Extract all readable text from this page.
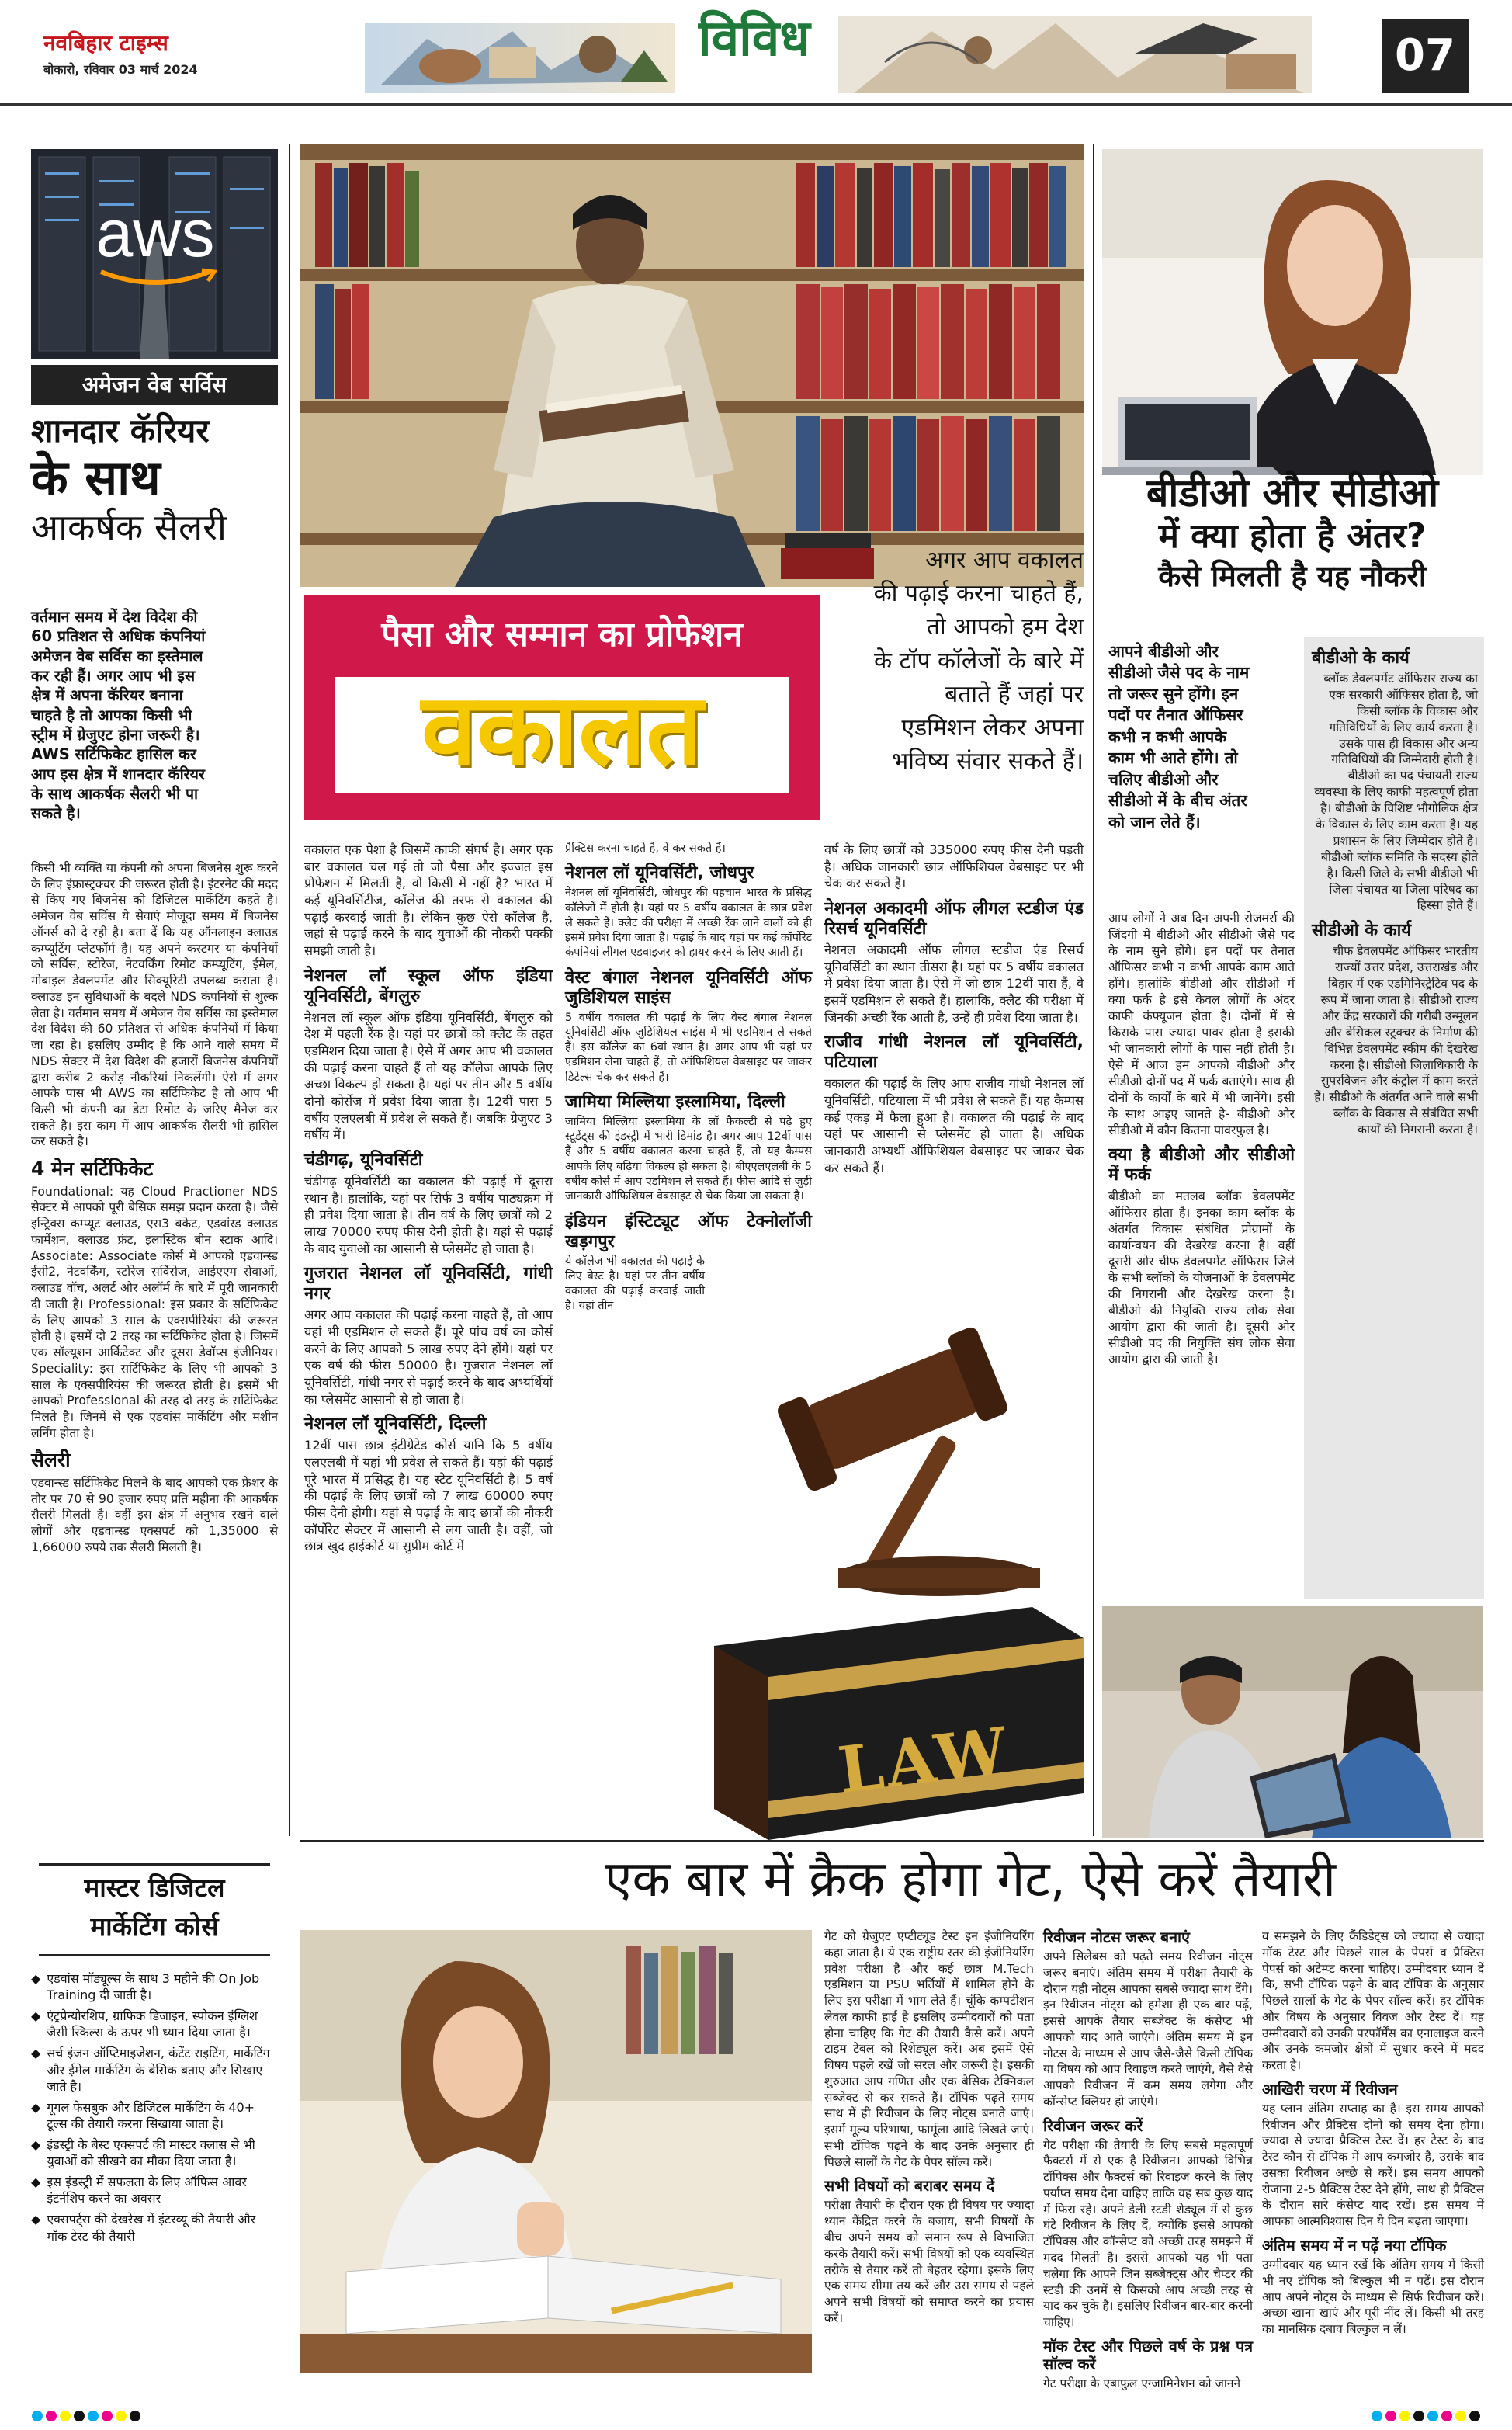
नवबिहार टाइम्स
बोकारो, रविवार 03 मार्च 2024
विविध	07
aws
अमेजन वेब सर्विस
शानदार कॅरियर
के साथ
आकर्षक सैलरी
वर्तमान समय में देश विदेश की
60 प्रतिशत से अधिक कंपनियां
अमेजन वेब सर्विस का इस्तेमाल
कर रही हैं। अगर आप भी इस
क्षेत्र में अपना कॅरियर बनाना
चाहते है तो आपका किसी भी
स्ट्रीम में ग्रेजुएट होना जरूरी है।
AWS सर्टिफिकेट हासिल कर
आप इस क्षेत्र में शानदार कॅरियर
के साथ आकर्षक सैलरी भी पा
सकते है।

किसी भी व्यक्ति या कंपनी को अपना बिजनेस शुरू करने के लिए इंफ्रास्ट्रक्चर की जरूरत होती है। इंटरनेट की मदद से किए गए बिजनेस को डिजिटल मार्केटिंग कहते है। अमेजन वेब सर्विस ये सेवाएं मौजूदा समय में बिजनेस ऑनर्स को दे रही है। बता दें कि यह ऑनलाइन क्लाउड कम्प्यूटिंग प्लेटफॉर्म है। यह अपने कस्टमर या कंपनियों को सर्विस, स्टोरेज, नेटवर्किंग रिमोट कम्प्यूटिंग, ईमेल, मोबाइल डेवलपमेंट और सिक्यूरिटी उपलब्ध कराता है। क्लाउड इन सुविधाओं के बदले NDS कंपनियों से शुल्क लेता है। वर्तमान समय में अमेजन वेब सर्विस का इस्तेमाल देश विदेश की 60 प्रतिशत से अधिक कंपनियों में किया जा रहा है। इसलिए उम्मीद है कि आने वाले समय में NDS सेक्टर में देश विदेश की हजारों बिजनेस कंपनियों द्वारा करीब 2 करोड़ नौकरियां निकलेंगी। ऐसे में अगर आपके पास भी AWS का सर्टिफिकेट है तो आप भी किसी भी कंपनी का डेटा रिमोट के जरिए मैनेज कर सकते है। इस काम में आप आकर्षक सैलरी भी हासिल कर सकते है।

4 मेन सर्टिफिकेट

Foundational: यह Cloud Practioner NDS सेक्टर में आपको पूरी बेसिक समझ प्रदान करता है। जैसे इन्ट्रिक्स कम्प्यूट क्लाउड, एस3 बकेट, एडवांस्ड क्लाउड फार्मेशन, क्लाउड फ्रंट, इलास्टिक बीन स्टाक आदि। Associate: Associate कोर्स में आपको एडवान्स्ड ईसी2, नेटवर्किंग, स्टोरेज सर्विसेज, आईएएम सेवाओं, क्लाउड वॉच, अलर्ट और अलॉर्म के बारे में पूरी जानकारी दी जाती है। Professional: इस प्रकार के सर्टिफिकेट के लिए आपको 3 साल के एक्सपीरियंस की जरूरत होती है। इसमें दो 2 तरह का सर्टिफिकेट होता है। जिसमें एक सॉल्यूशन आर्किटेक्ट और दूसरा डेवॉप्स इंजीनियर। Speciality: इस सर्टिफिकेट के लिए भी आपको 3 साल के एक्सपीरियंस की जरूरत होती है। इसमें भी आपको Professional की तरह दो तरह के सर्टिफिकेट मिलते है। जिनमें से एक एडवांस मार्केटिंग और मशीन लर्निंग होता है।

सैलरी

एडवान्स्ड सर्टिफिकेट मिलने के बाद आपको एक फ्रेशर के तौर पर 70 से 90 हजार रुपए प्रति महीना की आकर्षक सैलरी मिलती है। वहीं इस क्षेत्र में अनुभव रखने वाले लोगों और एडवान्स्ड एक्सपर्ट को 1,35000 से 1,66000 रुपये तक सैलरी मिलती है।

मास्टर डिजिटल
मार्केटिंग कोर्स
◆ एडवांस मॉड्यूल्स के साथ 3 महीने की On Job Training दी जाती है।
◆ एंट्रप्रेन्योरशिप, ग्राफिक डिजाइन, स्पोकन इंग्लिश जैसी स्किल्स के ऊपर भी ध्यान दिया जाता है।
◆ सर्च इंजन ऑप्टिमाइजेशन, कंटेंट राइटिंग, मार्केटिंग और ईमेल मार्केटिंग के बेसिक बताए और सिखाए जाते है।
◆ गूगल फेसबुक और डिजिटल मार्केटिंग के 40+ टूल्स की तैयारी करना सिखाया जाता है।
◆ इंडस्ट्री के बेस्ट एक्सपर्ट की मास्टर क्लास से भी युवाओं को सीखने का मौका दिया जाता है।
◆ इस इंडस्ट्री में सफलता के लिए ऑफिस आवर इंटर्नशिप करने का अवसर
◆ एक्सपर्ट्स की देखरेख में इंटरव्यू की तैयारी और मॉक टेस्ट की तैयारी
पैसा और सम्मान का प्रोफेशन
वकालत
अगर आप वकालत
की पढ़ाई करना चाहते हैं,
तो आपको हम देश
के टॉप कॉलेजों के बारे में
बताते हैं जहां पर
एडमिशन लेकर अपना
भविष्य संवार सकते हैं।

वकालत एक पेशा है जिसमें काफी संघर्ष है। अगर एक बार वकालत चल गई तो जो पैसा और इज्जत इस प्रोफेशन में मिलती है, वो किसी में नहीं है? भारत में कई यूनिवर्सिटीज, कॉलेज की तरफ से वकालत की पढ़ाई करवाई जाती है। लेकिन कुछ ऐसे कॉलेज है, जहां से पढ़ाई करने के बाद युवाओं की नौकरी पक्की समझी जाती है।

नेशनल लॉ स्कूल ऑफ इंडिया यूनिवर्सिटी, बेंगलुरु

नेशनल लॉ स्कूल ऑफ इंडिया यूनिवर्सिटी, बेंगलुरु को देश में पहली रैंक है। यहां पर छात्रों को क्लैट के तहत एडमिशन दिया जाता है। ऐसे में अगर आप भी वकालत की पढ़ाई करना चाहते हैं तो यह कॉलेज आपके लिए अच्छा विकल्प हो सकता है। यहां पर तीन और 5 वर्षीय दोनों कोर्सेज में प्रवेश दिया जाता है। 12वीं पास 5 वर्षीय एलएलबी में प्रवेश ले सकते हैं। जबकि ग्रेजुएट 3 वर्षीय में।

चंडीगढ़, यूनिवर्सिटी

चंडीगढ़ यूनिवर्सिटी का वकालत की पढ़ाई में दूसरा स्थान है। हालांकि, यहां पर सिर्फ 3 वर्षीय पाठ्यक्रम में ही प्रवेश दिया जाता है। तीन वर्ष के लिए छात्रों को 2 लाख 70000 रुपए फीस देनी होती है। यहां से पढ़ाई के बाद युवाओं का आसानी से प्लेसमेंट हो जाता है।

गुजरात नेशनल लॉ यूनिवर्सिटी, गांधी नगर

अगर आप वकालत की पढ़ाई करना चाहते हैं, तो आप यहां भी एडमिशन ले सकते हैं। पूरे पांच वर्ष का कोर्स करने के लिए आपको 5 लाख रुपए देने होंगे। यहां पर एक वर्ष की फीस 50000 है। गुजरात नेशनल लॉ यूनिवर्सिटी, गांधी नगर से पढ़ाई करने के बाद अभ्यर्थियों का प्लेसमेंट आसानी से हो जाता है।

नेशनल लॉ यूनिवर्सिटी, दिल्ली

12वीं पास छात्र इंटीग्रेटेड कोर्स यानि कि 5 वर्षीय एलएलबी में यहां भी प्रवेश ले सकते हैं। यहां की पढ़ाई पूरे भारत में प्रसिद्ध है। यह स्टेट यूनिवर्सिटी है। 5 वर्ष की पढ़ाई के लिए छात्रों को 7 लाख 60000 रुपए फीस देनी होगी। यहां से पढ़ाई के बाद छात्रों की नौकरी कॉर्पोरेट सेक्टर में आसानी से लग जाती है। वहीं, जो छात्र खुद हाईकोर्ट या सुप्रीम कोर्ट में

प्रैक्टिस करना चाहते है, वे कर सकते हैं।

नेशनल लॉ यूनिवर्सिटी, जोधपुर

नेशनल लॉ यूनिवर्सिटी, जोधपुर की पहचान भारत के प्रसिद्ध कॉलेजों में होती है। यहां पर 5 वर्षीय वकालत के छात्र प्रवेश ले सकते हैं। क्लैट की परीक्षा में अच्छी रैंक लाने वालों को ही इसमें प्रवेश दिया जाता है। पढ़ाई के बाद यहां पर कई कॉर्पोरेट कंपनियां लीगल एडवाइजर को हायर करने के लिए आती हैं।

वेस्ट बंगाल नेशनल यूनिवर्सिटी ऑफ जुडिशियल साइंस

5 वर्षीय वकालत की पढ़ाई के लिए वेस्ट बंगाल नेशनल यूनिवर्सिटी ऑफ जुडिशियल साइंस में भी एडमिशन ले सकते हैं। इस कॉलेज का 6वां स्थान है। अगर आप भी यहां पर एडमिशन लेना चाहते हैं, तो ऑफिशियल वेबसाइट पर जाकर डिटेल्स चेक कर सकते हैं।

जामिया मिल्लिया इस्लामिया, दिल्ली

जामिया मिल्लिया इस्लामिया के लॉ फैकल्टी से पढ़े हुए स्टूडेंट्स की इंडस्ट्री में भारी डिमांड है। अगर आप 12वीं पास हैं और 5 वर्षीय वकालत करना चाहते हैं, तो यह कैम्पस आपके लिए बढ़िया विकल्प हो सकता है। बीएएलएलबी के 5 वर्षीय कोर्स में आप एडमिशन ले सकते हैं। फीस आदि से जुड़ी जानकारी ऑफिशियल वेबसाइट से चेक किया जा सकता है।

इंडियन इंस्टिट्यूट ऑफ टेक्नोलॉजी खड़गपुर

ये कॉलेज भी वकालत की पढ़ाई के लिए बेस्ट है। यहां पर तीन वर्षीय वकालत की पढ़ाई करवाई जाती है। यहां तीन

वर्ष के लिए छात्रों को 335000 रुपए फीस देनी पड़ती है। अधिक जानकारी छात्र ऑफिशियल वेबसाइट पर भी चेक कर सकते हैं।

नेशनल अकादमी ऑफ लीगल स्टडीज एंड रिसर्च यूनिवर्सिटी

नेशनल अकादमी ऑफ लीगल स्टडीज एंड रिसर्च यूनिवर्सिटी का स्थान तीसरा है। यहां पर 5 वर्षीय वकालत में प्रवेश दिया जाता है। ऐसे में जो छात्र 12वीं पास हैं, वे इसमें एडमिशन ले सकते हैं। हालांकि, क्लैट की परीक्षा में जिनकी अच्छी रैंक आती है, उन्हें ही प्रवेश दिया जाता है।

राजीव गांधी नेशनल लॉ यूनिवर्सिटी, पटियाला

वकालत की पढ़ाई के लिए आप राजीव गांधी नेशनल लॉ यूनिवर्सिटी, पटियाला में भी प्रवेश ले सकते हैं। यह कैम्पस कई एकड़ में फैला हुआ है। वकालत की पढ़ाई के बाद यहां पर आसानी से प्लेसमेंट हो जाता है। अधिक जानकारी अभ्यर्थी ऑफिशियल वेबसाइट पर जाकर चेक कर सकते हैं।

LAW
बीडीओ और सीडीओ
में क्या होता है अंतर?
कैसे मिलती है यह नौकरी
आपने बीडीओ और
सीडीओ जैसे पद के नाम
तो जरूर सुने होंगे। इन
पदों पर तैनात ऑफिसर
कभी न कभी आपके
काम भी आते होंगे। तो
चलिए बीडीओ और
सीडीओ में के बीच अंतर
को जान लेते हैं।

आप लोगों ने अब दिन अपनी रोजमर्रा की जिंदगी में बीडीओ और सीडीओ जैसे पद के नाम सुने होंगे। इन पदों पर तैनात ऑफिसर कभी न कभी आपके काम आते होंगे। हालांकि बीडीओ और सीडीओ में क्या फर्क है इसे केवल लोगों के अंदर काफी कंफ्यूजन होता है। दोनों में से किसके पास ज्यादा पावर होता है इसकी भी जानकारी लोगों के पास नहीं होती है। ऐसे में आज हम आपको बीडीओ और सीडीओ दोनों पद में फर्क बताएंगे। साथ ही दोनों के कार्यों के बारे में भी जानेंगे। इसी के साथ आइए जानते है- बीडीओ और सीडीओ में कौन कितना पावरफुल है।

क्या है बीडीओ और सीडीओ में फर्क

बीडीओ का मतलब ब्लॉक डेवलपमेंट ऑफिसर होता है। इनका काम ब्लॉक के अंतर्गत विकास संबंधित प्रोग्रामों के कार्यान्वयन की देखरेख करना है। वहीं दूसरी ओर चीफ डेवलपमेंट ऑफिसर जिले के सभी ब्लॉकों के योजनाओं के डेवलपमेंट की निगरानी और देखरेख करना है। बीडीओ की नियुक्ति राज्य लोक सेवा आयोग द्वारा की जाती है। दूसरी ओर सीडीओ पद की नियुक्ति संघ लोक सेवा आयोग द्वारा की जाती है।

बीडीओ के कार्य

ब्लॉक डेवलपमेंट ऑफिसर राज्य का एक सरकारी ऑफिसर होता है, जो किसी ब्लॉक के विकास और गतिविधियों के लिए कार्य करता है। उसके पास ही विकास और अन्य गतिविधियों की जिम्मेदारी होती है। बीडीओ का पद पंचायती राज्य व्यवस्था के लिए काफी महत्वपूर्ण होता है। बीडीओ के विशिष्ट भौगोलिक क्षेत्र के विकास के लिए काम करता है। यह प्रशासन के लिए जिम्मेदार होते है। बीडीओ ब्लॉक समिति के सदस्य होते है। किसी जिले के सभी बीडीओ भी जिला पंचायत या जिला परिषद का हिस्सा होते हैं।

सीडीओ के कार्य

चीफ डेवलपमेंट ऑफिसर भारतीय राज्यों उत्तर प्रदेश, उत्तराखंड और बिहार में एक एडमिनिस्ट्रेटिव पद के रूप में जाना जाता है। सीडीओ राज्य और केंद्र सरकारों की गरीबी उन्मूलन और बेसिकल स्ट्रक्चर के निर्माण की विभिन्न डेवलपमेंट स्कीम की देखरेख करना है। सीडीओ जिलाधिकारी के सुपरविजन और कंट्रोल में काम करते हैं। सीडीओ के अंतर्गत आने वाले सभी ब्लॉक के विकास से संबंधित सभी कार्यों की निगरानी करता है।

एक बार में क्रैक होगा गेट, ऐसे करें तैयारी

गेट को ग्रेजुएट एप्टीट्यूड टेस्ट इन इंजीनियरिंग कहा जाता है। ये एक राष्ट्रीय स्तर की इंजीनियरिंग प्रवेश परीक्षा है और कई छात्र M.Tech एडमिशन या PSU भर्तियों में शामिल होने के लिए इस परीक्षा में भाग लेते हैं। चूंकि कम्पटीशन लेवल काफी हाई है इसलिए उम्मीदवारों को पता होना चाहिए कि गेट की तैयारी कैसे करें। अपने टाइम टेबल को रिशेड्यूल करें। अब इसमें ऐसे विषय पहले रखें जो सरल और जरूरी है। इसकी शुरुआत आप गणित और एक बेसिक टेक्निकल सब्जेक्ट से कर सकते हैं। टॉपिक पढ़ते समय साथ में ही रिवीजन के लिए नोट्स बनाते जाएं। इसमें मूल्य परिभाषा, फार्मूला आदि लिखते जाएं। सभी टॉपिक पढ़ने के बाद उनके अनुसार ही पिछले सालों के गेट के पेपर सॉल्व करें।

सभी विषयों को बराबर समय दें

परीक्षा तैयारी के दौरान एक ही विषय पर ज्यादा ध्यान केंद्रित करने के बजाय, सभी विषयों के बीच अपने समय को समान रूप से विभाजित करके तैयारी करें। सभी विषयों को एक व्यवस्थित तरीके से तैयार करें तो बेहतर रहेगा। इसके लिए एक समय सीमा तय करें और उस समय से पहले अपने सभी विषयों को समाप्त करने का प्रयास करें।

रिवीजन नोटस जरूर बनाएं

अपने सिलेबस को पढ़ते समय रिवीजन नोट्स जरूर बनाएं। अंतिम समय में परीक्षा तैयारी के दौरान यही नोट्स आपका सबसे ज्यादा साथ देंगे। इन रिवीजन नोट्स को हमेशा ही एक बार पढ़ें, इससे आपके तैयार सब्जेक्ट के कंसेप्ट भी आपको याद आते जाएंगे। अंतिम समय में इन नोटस के माध्यम से आप जैसे-जैसे किसी टॉपिक या विषय को आप रिवाइज करते जाएंगे, वैसे वैसे आपको रिवीजन में कम समय लगेगा और कॉन्सेप्ट क्लियर हो जाएंगे।

रिवीजन जरूर करें

गेट परीक्षा की तैयारी के लिए सबसे महत्वपूर्ण फैक्टर्स में से एक है रिवीजन। आपको विभिन्न टॉपिक्स और फैक्टर्स को रिवाइज करने के लिए पर्याप्त समय देना चाहिए ताकि वह सब कुछ याद में फिरा रहे। अपने डेली स्टडी शेड्यूल में से कुछ घंटे रिवीजन के लिए दें, क्योंकि इससे आपको टॉपिक्स और कॉन्सेप्ट को अच्छी तरह समझने में मदद मिलती है। इससे आपको यह भी पता चलेगा कि आपने जिन सब्जेक्ट्स और चैप्टर की स्टडी की उनमें से किसको आप अच्छी तरह से याद कर चुके है। इसलिए रिवीजन बार-बार करनी चाहिए।

मॉक टेस्ट और पिछले वर्ष के प्रश्न पत्र सॉल्व करें

गेट परीक्षा के एबाफ़ुल एग्जामिनेशन को जानने

व समझने के लिए कैंडिडेट्स को ज्यादा से ज्यादा मॉक टेस्ट और पिछले साल के पेपर्स व प्रैक्टिस पेपर्स को अटेम्प्ट करना चाहिए। उम्मीदवार ध्यान दें कि, सभी टॉपिक पढ़ने के बाद टॉपिक के अनुसार पिछले सालों के गेट के पेपर सॉल्व करें। हर टॉपिक और विषय के अनुसार विवज और टेस्ट दें। यह उम्मीदवारों को उनकी परफॉर्मेंस का एनालाइज करने और उनके कमजोर क्षेत्रों में सुधार करने में मदद करता है।

आखिरी चरण में रिवीजन

यह प्लान अंतिम सप्ताह का है। इस समय आपको रिवीजन और प्रैक्टिस दोनों को समय देना होगा। ज्यादा से ज्यादा प्रैक्टिस टेस्ट दें। हर टेस्ट के बाद टेस्ट कौन से टॉपिक में आप कमजोर है, उसके बाद उसका रिवीजन अच्छे से करें। इस समय आपको रोजाना 2-5 प्रैक्टिस टेस्ट देने होंगे, साथ ही प्रैक्टिस के दौरान सारे कंसेप्ट याद रखें। इस समय में आपका आत्मविश्वास दिन ये दिन बढ़ता जाएगा।

अंतिम समय में न पढ़ें नया टॉपिक

उम्मीदवार यह ध्यान रखें कि अंतिम समय में किसी भी नए टॉपिक को बिल्कुल भी न पढ़ें। इस दौरान आप अपने नोट्स के माध्यम से सिर्फ रिवीजन करें। अच्छा खाना खाएं और पूरी नींद लें। किसी भी तरह का मानसिक दबाव बिल्कुल न लें।
